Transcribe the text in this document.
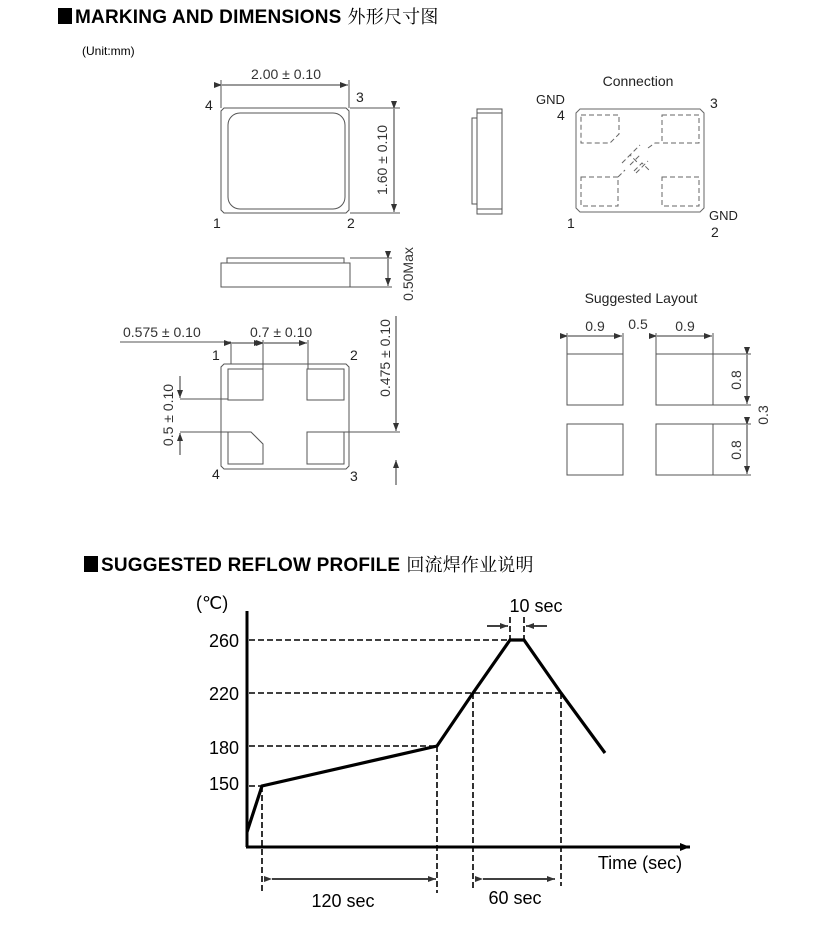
MARKING AND DIMENSIONS 外形尺寸图
(Unit:mm)
SUGGESTED REFLOW PROFILE 回流焊作业说明
2.00 ± 0.10
1.60 ± 0.10
4	3
1	2
0.50Max
Connection
GND
4
3
1	GND
2
0.575 ± 0.10	0.7 ± 0.10
0.5 ± 0.10
0.475 ± 0.10
1	2
3
4
Suggested Layout
0.9 0.5 0.9
0.8
0.3
0.8
(℃)
260
220
180
150
10 sec
Time (sec)
120 sec	60 sec
